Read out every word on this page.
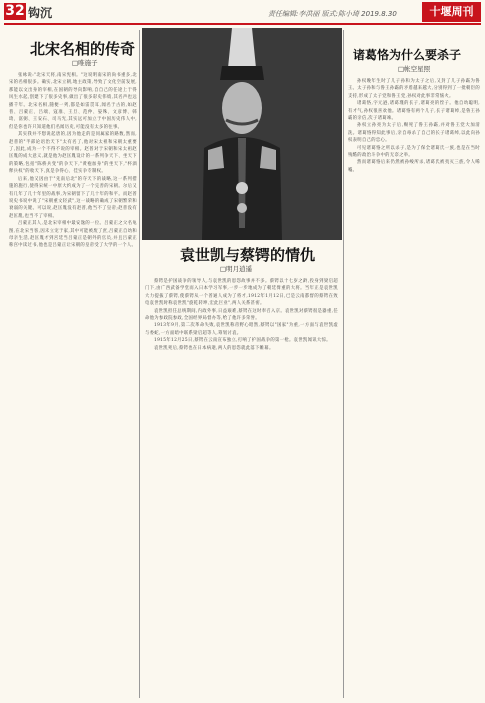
32 钩沉	责任编辑:李洪丽 版式:陈小琦 2019.8.30	十堰周刊
北宋名相的传奇
□唯施子

张咏说:"北宋天将,南宋宪相。"这说明南宋的尚书重多,北宋的名相很多。确实,北宋立朝,地主政策,导致了文化空前发展,那能以文出身的宰相,在国朝的导向影响,自自己的任途上于得风生水起,创建下了很多史事,做出了很多彩史伟绩,其名声也远播千年。北宋名相,随便一列,都是如雷贯耳,闻名于古的,如赵普、吕蒙正、吕端、寇准、王旦、范仲、晏殊、文彦博、韩琦、富弼、王安石、司马光,其实远可加立于中国历史伟人中,但是你也许只知道他们名闻历史,可能没有太多的往事。

其实我并不想说起唐的,因为他走的是同属家的路数,然而,赵普的"半部论语治天下"太有名了,他对宋太祖和宋朝太重要了,因此,成为一个不得不说的宰相。赵普对于宋朝和宋太祖赵匡胤的成大意义,就是他为赵匡胤设计的一系列争天下、坐天下的策略,包括"陈桥兵变"的争天下,"黄袍加身"的坐天下,"杯酒释兵权"的收天下,真是争得心、佳实争专制权。

后来,他又因由于"先南后北"的夺天下的战略,这一系列措施的施行,使得宋统一中原大约成为了一个完善的宋朝。尔后又有几年了几十年里的战事,为宋朝留下了几十年的和平。而赵普说史书说中说了"宋朝重文轻武",这一战略的确成了宋朝繁荣和衰弱的关键。可以说,赵匡胤没有赵普,他当不了皇帝;赵普没有赵匡胤,也当不了宰相。

吕蒙正其人,是北宋宰相中最安逸的一位。吕蒙正之父名龟图,在北宋当客,因未立宠于家,其中可能被废了庶,吕蒙正自幼和母亲生活,赵匡胤才到宫廷当吕蒙正是朝外的官员,并且吕蒙正称宫中读过书,他也是吕蒙正让宋朝的皇帝受了大学的一个人。

袁世凯与蔡锷的情仇
□明月逍遥

蔡锷是护国战争的领导人,与袁世凯的恩怨故事并不多。蔡锷以十七岁之龄,投身到梁启超门下,由广西武备学堂而入日本学习军事,一步一步地成为了朝廷倚重的大将。当年正是袁世凯大力提拔了蔡锷,使蔡锷从一个普通人成为了将才,1912年1月12日,已是云南都督的蔡锷在致电袁世凯时称袁世凯"旋乾转坤,宏此巨业",两人关系甚密。

袁世凯担任总统期间,内政外事,日益艰难,蔡锷在这时奉召入京。袁世凯对蔡锷很是器重,任命他为参政院参政,全国经界局督办等,给了他许多荣誉。

1913年9月,第二次革命失败,袁世凯称帝野心昭然,蔡锷以"国家"为重,一方面与袁世凯虚与委蛇,一方面暗中联系梁启超等人,筹划讨袁。

1915年12月25日,蔡锷在云南宣布独立,打响了护国战争的第一枪。袁世凯闻讯大惊。

袁世凯死后,蔡锷也在日本病逝,两人的恩怨就此落下帷幕。

诸葛恪为什么要杀子
□帐空星照

孙权晚年生时了儿子孙和为太子之后,又封了儿子孙霸为鲁王。太子孙和与鲁王孙霸的矛盾越来越大,分别得到了一批朝臣的支持,形成了太子党和鲁王党,孙权对此事非常恼火。

诸葛恪,字元逊,诸葛瑾的长子,诸葛亮的侄子。他自幼聪明,有才气,孙权很喜欢他。诸葛恪有两个儿子,长子诸葛绰,是鲁王孙霸的亲信,次子诸葛竦。

孙权立孙亮为太子后,赐死了鲁王孙霸,并对鲁王党大加清洗。诸葛恪得知此事后,亲自毒杀了自己的长子诸葛绰,以此向孙权表明自己的忠心。

可见诸葛恪之所以杀子,是为了保全诸葛氏一族,也是在当时残酷的政治斗争中的无奈之举。

然而诸葛恪后来仍然被孙峻所杀,诸葛氏被夷灭三族,令人唏嘘。
